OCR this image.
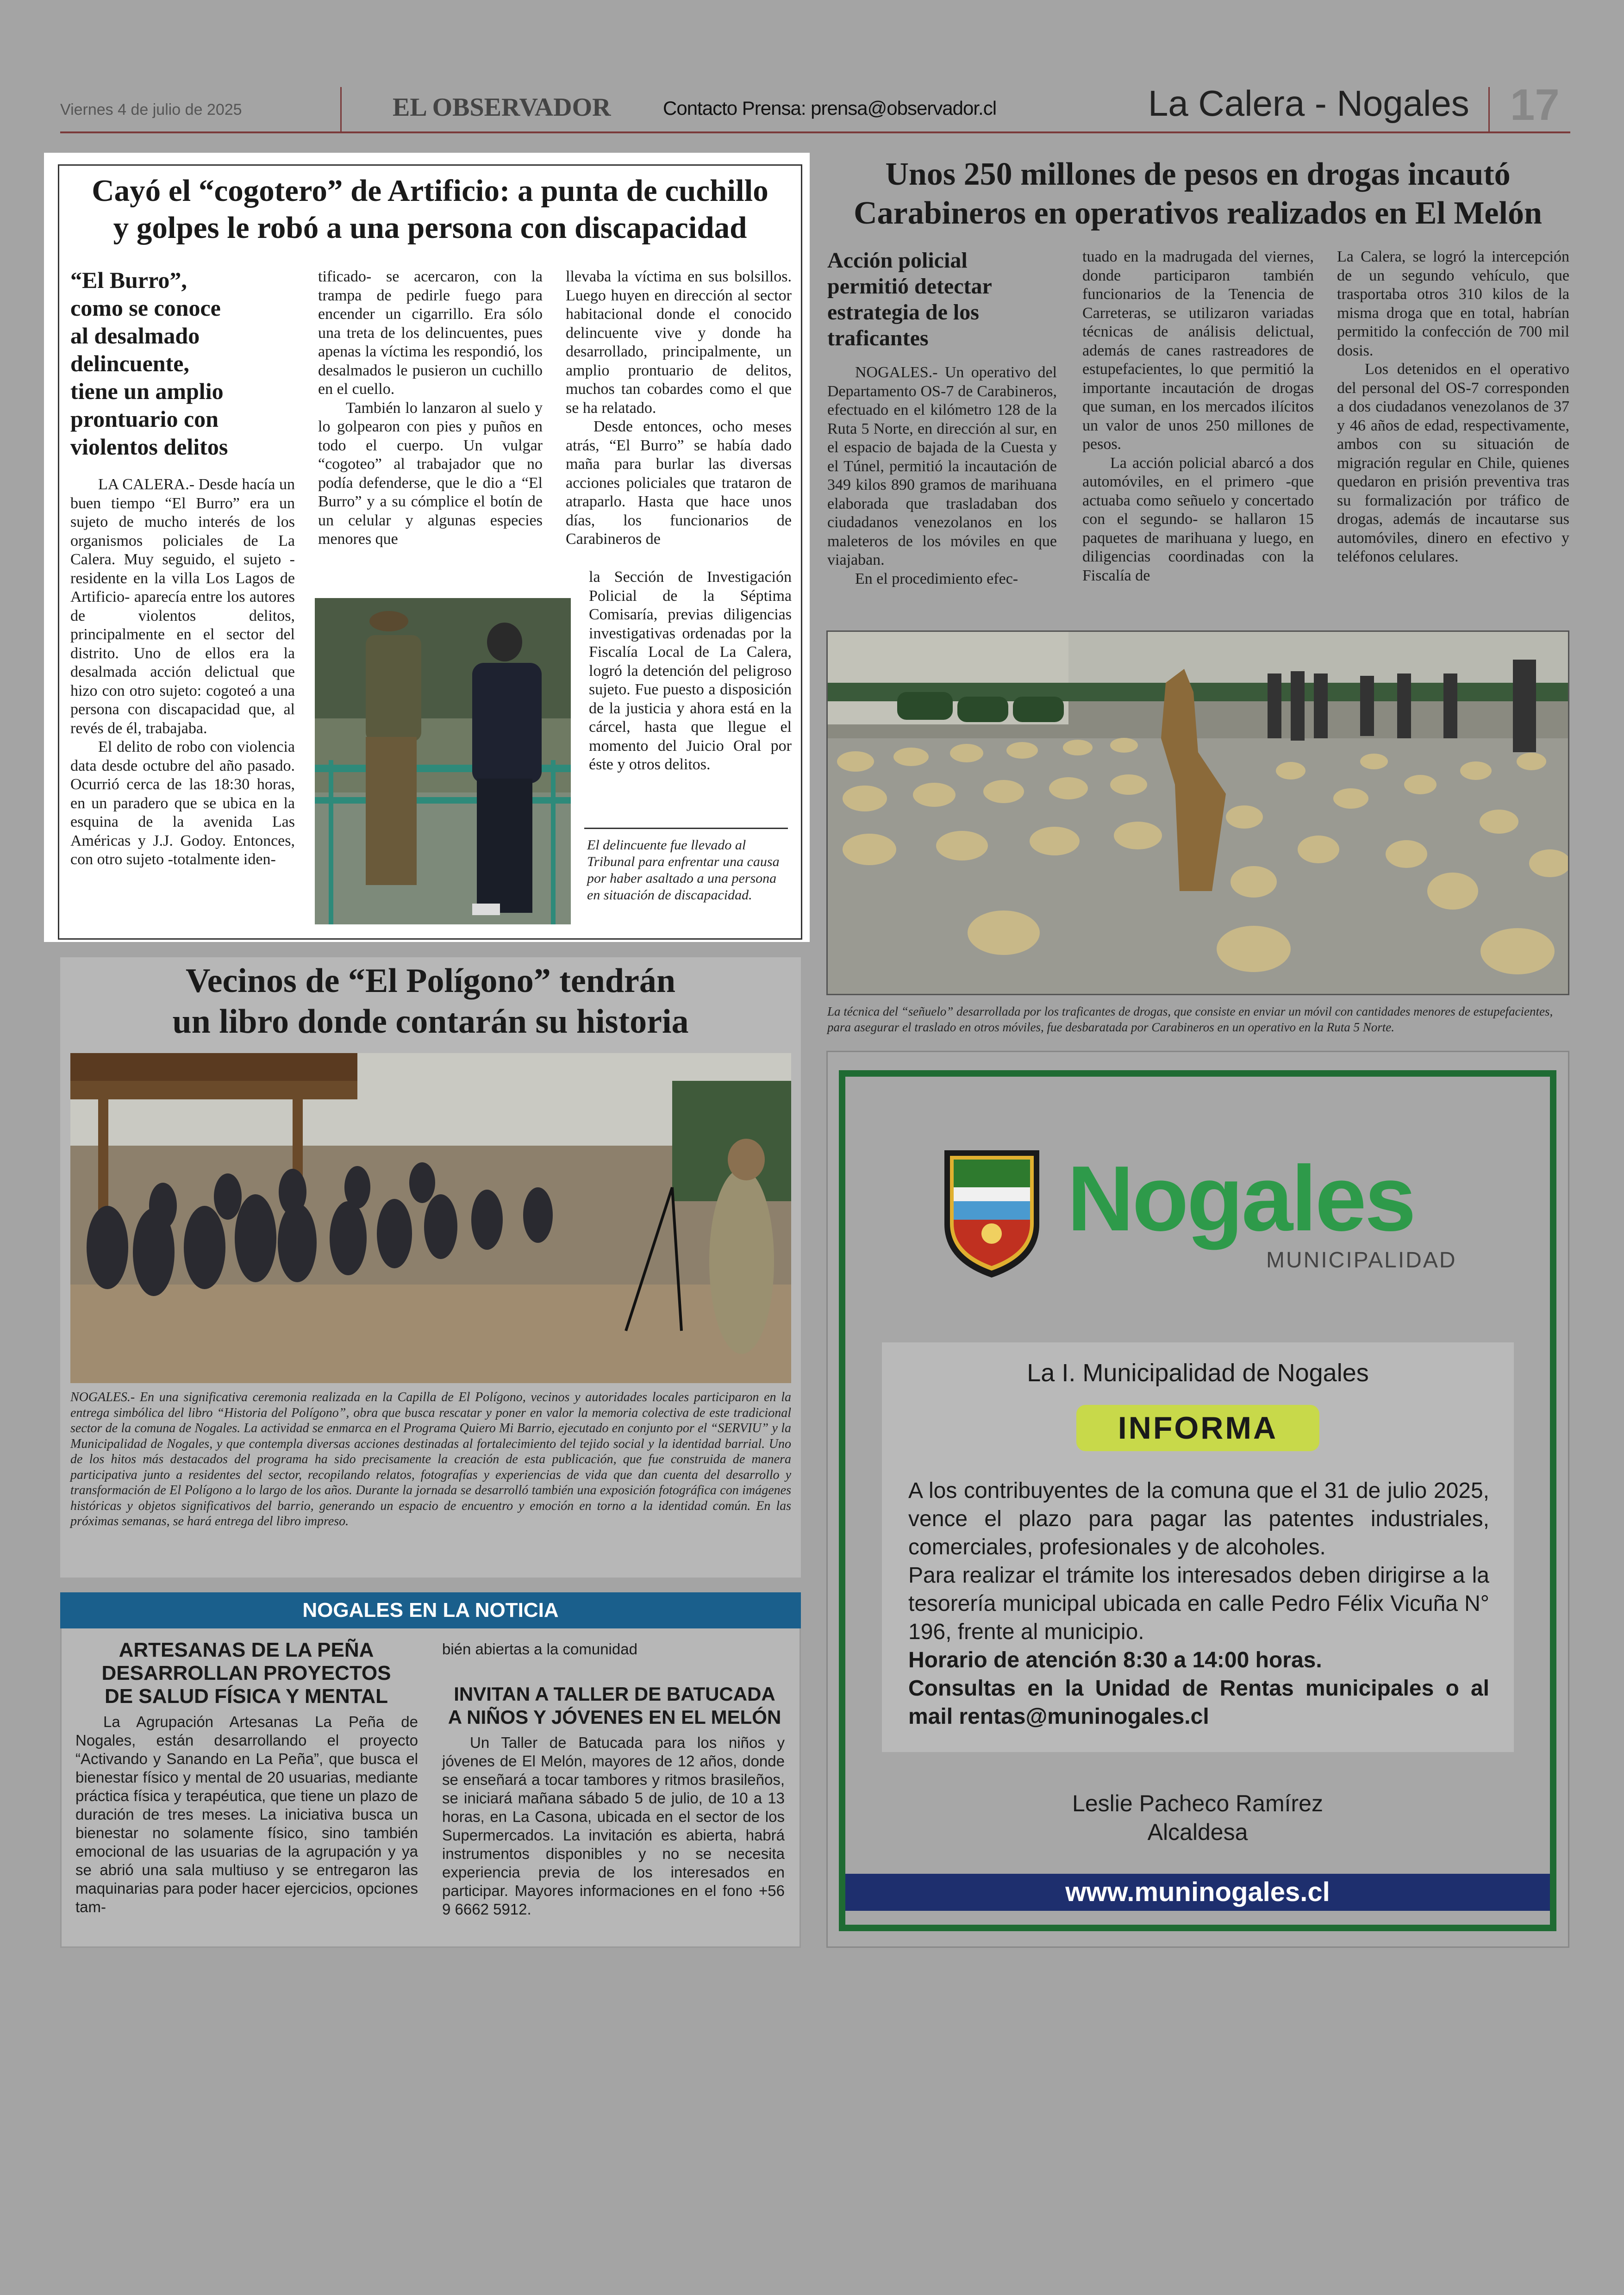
Viernes 4 de julio de 2025	EL OBSERVADOR	Contacto Prensa: prensa@observador.cl	La Calera - Nogales 17
Cayó el “cogotero” de Artificio: a punta de cuchillo
y golpes le robó a una persona con discapacidad
“El Burro”,
como se conoce
al desalmado
delincuente,
tiene un amplio
prontuario con
violentos delitos

LA CALERA.- Desde hacía un buen tiempo “El Burro” era un sujeto de mucho interés de los organismos policiales de La Calera. Muy seguido, el sujeto -residente en la villa Los Lagos de Artificio- aparecía entre los autores de violentos delitos, principalmente en el sector del distrito. Uno de ellos era la desalmada acción delictual que hizo con otro sujeto: cogoteó a una persona con discapacidad que, al revés de él, trabajaba.

El delito de robo con violencia data desde octubre del año pasado. Ocurrió cerca de las 18:30 horas, en un paradero que se ubica en la esquina de la avenida Las Américas y J.J. Godoy. Entonces, con otro sujeto -totalmente iden-

tificado- se acercaron, con la trampa de pedirle fuego para encender un cigarrillo. Era sólo una treta de los delincuentes, pues apenas la víctima les respondió, los desalmados le pusieron un cuchillo en el cuello.

También lo lanzaron al suelo y lo golpearon con pies y puños en todo el cuerpo. Un vulgar “cogoteo” al trabajador que no podía defenderse, que le dio a “El Burro” y a su cómplice el botín de un celular y algunas especies menores que

llevaba la víctima en sus bolsillos. Luego huyen en dirección al sector habitacional donde el conocido delincuente vive y donde ha desarrollado, principalmente, un amplio prontuario de delitos, muchos tan cobardes como el que se ha relatado.

Desde entonces, ocho meses atrás, “El Burro” se había dado maña para burlar las diversas acciones policiales que trataron de atraparlo. Hasta que hace unos días, los funcionarios de Carabineros de

la Sección de Investigación Policial de la Séptima Comisaría, previas diligencias investigativas ordenadas por la Fiscalía Local de La Calera, logró la detención del peligroso sujeto. Fue puesto a disposición de la justicia y ahora está en la cárcel, hasta que llegue el momento del Juicio Oral por éste y otros delitos.

El delincuente fue llevado al Tribunal para enfrentar una causa por haber asaltado a una persona en situación de discapacidad.
Unos 250 millones de pesos en drogas incautó
Carabineros en operativos realizados en El Melón
Acción policial
permitió detectar
estrategia de los
traficantes

NOGALES.- Un operativo del Departamento OS-7 de Carabineros, efectuado en el kilómetro 128 de la Ruta 5 Norte, en dirección al sur, en el espacio de bajada de la Cuesta y el Túnel, permitió la incautación de 349 kilos 890 gramos de marihuana elaborada que trasladaban dos ciudadanos venezolanos en los maleteros de los móviles en que viajaban.

En el procedimiento efec-

tuado en la madrugada del viernes, donde participaron también funcionarios de la Tenencia de Carreteras, se utilizaron variadas técnicas de análisis delictual, además de canes rastreadores de estupefacientes, lo que permitió la importante incautación de drogas que suman, en los mercados ilícitos un valor de unos 250 millones de pesos.

La acción policial abarcó a dos automóviles, en el primero -que actuaba como señuelo y concertado con el segundo- se hallaron 15 paquetes de marihuana y luego, en diligencias coordinadas con la Fiscalía de

La Calera, se logró la intercepción de un segundo vehículo, que trasportaba otros 310 kilos de la misma droga que en total, habrían permitido la confección de 700 mil dosis.

Los detenidos en el operativo del personal del OS-7 corresponden a dos ciudadanos venezolanos de 37 y 46 años de edad, respectivamente, ambos con su situación de migración regular en Chile, quienes quedaron en prisión preventiva tras su formalización por tráfico de drogas, además de incautarse sus automóviles, dinero en efectivo y teléfonos celulares.

La técnica del “señuelo” desarrollada por los traficantes de drogas, que consiste en enviar un móvil con cantidades menores de estupefacientes, para asegurar el traslado en otros móviles, fue desbaratada por Carabineros en un operativo en la Ruta 5 Norte.
Vecinos de “El Polígono” tendrán
un libro donde contarán su historia
NOGALES.- En una significativa ceremonia realizada en la Capilla de El Polígono, vecinos y autoridades locales participaron en la entrega simbólica del libro “Historia del Polígono”, obra que busca rescatar y poner en valor la memoria colectiva de este tradicional sector de la comuna de Nogales. La actividad se enmarca en el Programa Quiero Mi Barrio, ejecutado en conjunto por el “SERVIU” y la Municipalidad de Nogales, y que contempla diversas acciones destinadas al fortalecimiento del tejido social y la identidad barrial. Uno de los hitos más destacados del programa ha sido precisamente la creación de esta publicación, que fue construida de manera participativa junto a residentes del sector, recopilando relatos, fotografías y experiencias de vida que dan cuenta del desarrollo y transformación de El Polígono a lo largo de los años. Durante la jornada se desarrolló también una exposición fotográfica con imágenes históricas y objetos significativos del barrio, generando un espacio de encuentro y emoción en torno a la identidad común. En las próximas semanas, se hará entrega del libro impreso.
NOGALES EN LA NOTICIA
ARTESANAS DE LA PEÑA
DESARROLLAN PROYECTOS
DE SALUD FÍSICA Y MENTAL
La Agrupación Artesanas La Peña de Nogales, están desarrollando el proyecto “Activando y Sanando en La Peña”, que busca el bienestar físico y mental de 20 usuarias, mediante práctica física y terapéutica, que tiene un plazo de duración de tres meses. La iniciativa busca un bienestar no solamente físico, sino también emocional de las usuarias de la agrupación y ya se abrió una sala multiuso y se entregaron las maquinarias para poder hacer ejercicios, opciones tam-
bién abiertas a la comunidad
INVITAN A TALLER DE BATUCADA
A NIÑOS Y JÓVENES EN EL MELÓN
Un Taller de Batucada para los niños y jóvenes de El Melón, mayores de 12 años, donde se enseñará a tocar tambores y ritmos brasileños, se iniciará mañana sábado 5 de julio, de 10 a 13 horas, en La Casona, ubicada en el sector de los Supermercados. La invitación es abierta, habrá instrumentos disponibles y no se necesita experiencia previa de los interesados en participar. Mayores informaciones en el fono +56 9 6662 5912.
Nogales
MUNICIPALIDAD
La I. Municipalidad de Nogales
INFORMA

A los contribuyentes de la comuna que el 31 de julio 2025, vence el plazo para pagar las patentes industriales, comerciales, profesionales y de alcoholes.

Para realizar el trámite los interesados deben dirigirse a la tesorería municipal ubicada en calle Pedro Félix Vicuña N° 196, frente al municipio.

Horario de atención 8:30 a 14:00 horas.

Consultas en la Unidad de Rentas municipales o al mail rentas@muninogales.cl

Leslie Pacheco Ramírez
Alcaldesa
www.muninogales.cl
